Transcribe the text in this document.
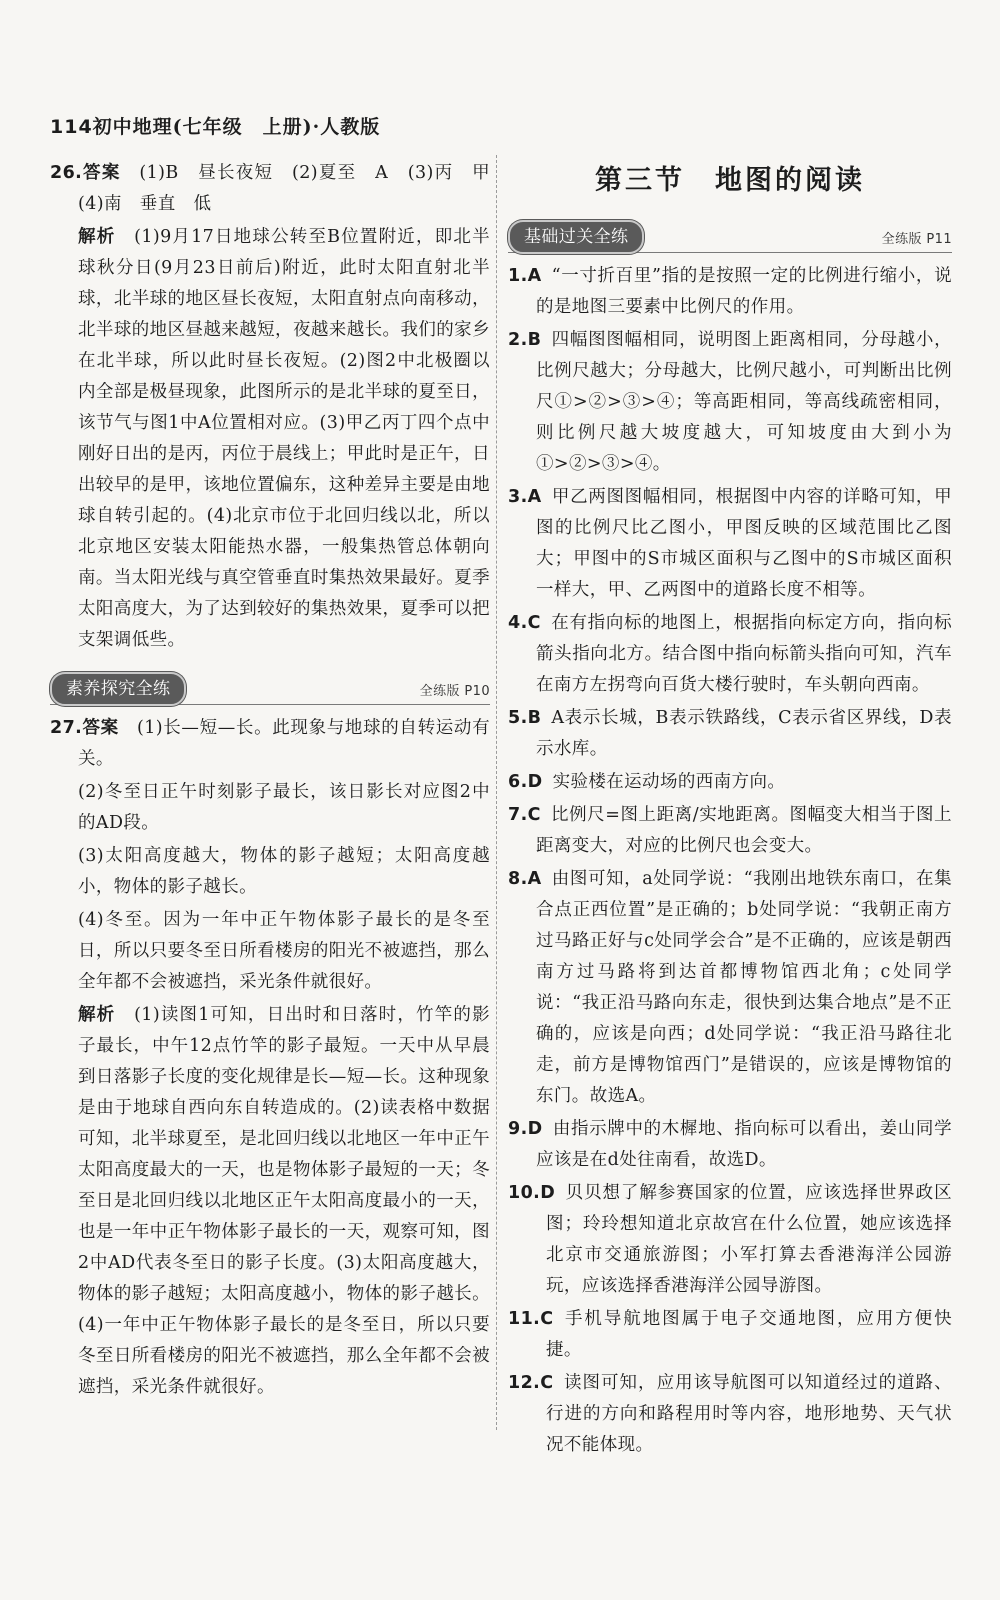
114初中地理(七年级　上册)·人教版
26.答案　 (1)B　昼长夜短　(2)夏至　A　(3)丙　甲　(4)南　垂直　低
解析　 (1)9月17日地球公转至B位置附近，即北半球秋分日(9月23日前后)附近，此时太阳直射北半球，北半球的地区昼长夜短，太阳直射点向南移动，北半球的地区昼越来越短，夜越来越长。我们的家乡在北半球，所以此时昼长夜短。(2)图2中北极圈以内全部是极昼现象，此图所示的是北半球的夏至日，该节气与图1中A位置相对应。(3)甲乙丙丁四个点中刚好日出的是丙，丙位于晨线上；甲此时是正午，日出较早的是甲，该地位置偏东，这种差异主要是由地球自转引起的。(4)北京市位于北回归线以北，所以北京地区安装太阳能热水器，一般集热管总体朝向南。当太阳光线与真空管垂直时集热效果最好。夏季太阳高度大，为了达到较好的集热效果，夏季可以把支架调低些。
素养探究全练	全练版 P10
27.答案　 (1)长—短—长。此现象与地球的自转运动有关。
(2)冬至日正午时刻影子最长，该日影长对应图2中的AD段。
(3)太阳高度越大，物体的影子越短；太阳高度越小，物体的影子越长。
(4)冬至。因为一年中正午物体影子最长的是冬至日，所以只要冬至日所看楼房的阳光不被遮挡，那么全年都不会被遮挡，采光条件就很好。
解析　 (1)读图1可知，日出时和日落时，竹竿的影子最长，中午12点竹竿的影子最短。一天中从早晨到日落影子长度的变化规律是长—短—长。这种现象是由于地球自西向东自转造成的。(2)读表格中数据可知，北半球夏至，是北回归线以北地区一年中正午太阳高度最大的一天，也是物体影子最短的一天；冬至日是北回归线以北地区正午太阳高度最小的一天，也是一年中正午物体影子最长的一天，观察可知，图2中AD代表冬至日的影子长度。(3)太阳高度越大，物体的影子越短；太阳高度越小，物体的影子越长。(4)一年中正午物体影子最长的是冬至日，所以只要冬至日所看楼房的阳光不被遮挡，那么全年都不会被遮挡，采光条件就很好。
第三节　地图的阅读
基础过关全练	全练版 P11
1.A “一寸折百里”指的是按照一定的比例进行缩小，说的是地图三要素中比例尺的作用。
2.B 四幅图图幅相同，说明图上距离相同，分母越小，比例尺越大；分母越大，比例尺越小，可判断出比例尺①>②>③>④；等高距相同，等高线疏密相同，则比例尺越大坡度越大，可知坡度由大到小为①>②>③>④。
3.A 甲乙两图图幅相同，根据图中内容的详略可知，甲图的比例尺比乙图小，甲图反映的区域范围比乙图大；甲图中的S市城区面积与乙图中的S市城区面积一样大，甲、乙两图中的道路长度不相等。
4.C 在有指向标的地图上，根据指向标定方向，指向标箭头指向北方。结合图中指向标箭头指向可知，汽车在南方左拐弯向百货大楼行驶时，车头朝向西南。
5.B A表示长城，B表示铁路线，C表示省区界线，D表示水库。
6.D 实验楼在运动场的西南方向。
7.C 比例尺=图上距离/实地距离。图幅变大相当于图上距离变大，对应的比例尺也会变大。
8.A 由图可知，a处同学说：“我刚出地铁东南口，在集合点正西位置”是正确的；b处同学说：“我朝正南方过马路正好与c处同学会合”是不正确的，应该是朝西南方过马路将到达首都博物馆西北角；c处同学说：“我正沿马路向东走，很快到达集合地点”是不正确的，应该是向西；d处同学说：“我正沿马路往北走，前方是博物馆西门”是错误的，应该是博物馆的东门。故选A。
9.D 由指示牌中的木樨地、指向标可以看出，姜山同学应该是在d处往南看，故选D。
10.D 贝贝想了解参赛国家的位置，应该选择世界政区图；玲玲想知道北京故宫在什么位置，她应该选择北京市交通旅游图；小军打算去香港海洋公园游玩，应该选择香港海洋公园导游图。
11.C 手机导航地图属于电子交通地图，应用方便快捷。
12.C 读图可知，应用该导航图可以知道经过的道路、行进的方向和路程用时等内容，地形地势、天气状况不能体现。
